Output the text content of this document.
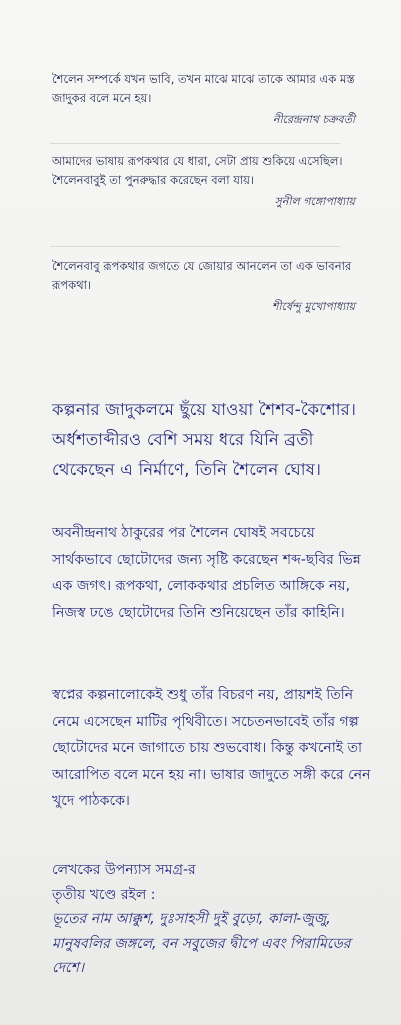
শৈলেন সম্পর্কে যখন ভাবি, তখন মাঝে মাঝে তাকে আমার এক মস্ত জাদুকর বলে মনে হয়।

নীরেন্দ্রনাথ চক্রবর্তী

আমাদের ভাষায় রূপকথার যে ধারা, সেটা প্রায় শুকিয়ে এসেছিল। শৈলেনবাবুই তা পুনরুদ্ধার করেছেন বলা যায়।

সুনীল গঙ্গোপাধ্যায়

শৈলেনবাবু রূপকথার জগতে যে জোয়ার আনলেন তা এক ভাবনার রূপকথা।

শীর্ষেন্দু মুখোপাধ্যায়

কল্পনার জাদুকলমে ছুঁয়ে যাওয়া শৈশব-কৈশোর। অর্ধশতাব্দীরও বেশি সময় ধরে যিনি ব্রতী থেকেছেন এ নির্মাণে, তিনি শৈলেন ঘোষ।

অবনীন্দ্রনাথ ঠাকুরের পর শৈলেন ঘোষই সবচেয়ে সার্থকভাবে ছোটোদের জন্য সৃষ্টি করেছেন শব্দ-ছবির ভিন্ন এক জগৎ। রূপকথা, লোককথার প্রচলিত আঙ্গিকে নয়, নিজস্ব ঢঙে ছোটোদের তিনি শুনিয়েছেন তাঁর কাহিনি।

স্বপ্নের কল্পনালোকেই শুধু তাঁর বিচরণ নয়, প্রায়শই তিনি নেমে এসেছেন মাটির পৃথিবীতে। সচেতনভাবেই তাঁর গল্প ছোটোদের মনে জাগাতে চায় শুভবোধ। কিন্তু কখনোই তা আরোপিত বলে মনে হয় না। ভাষার জাদুতে সঙ্গী করে নেন খুদে পাঠককে।

লেখকের উপন্যাস সমগ্র-র
তৃতীয় খণ্ডে রইল :
ভূতের নাম আক্কুশ, দুঃসাহসী দুই বুড়ো, কালা-জুজু, মানুষবলির জঙ্গলে, বন সবুজের দ্বীপে এবং পিরামিডের দেশে।
